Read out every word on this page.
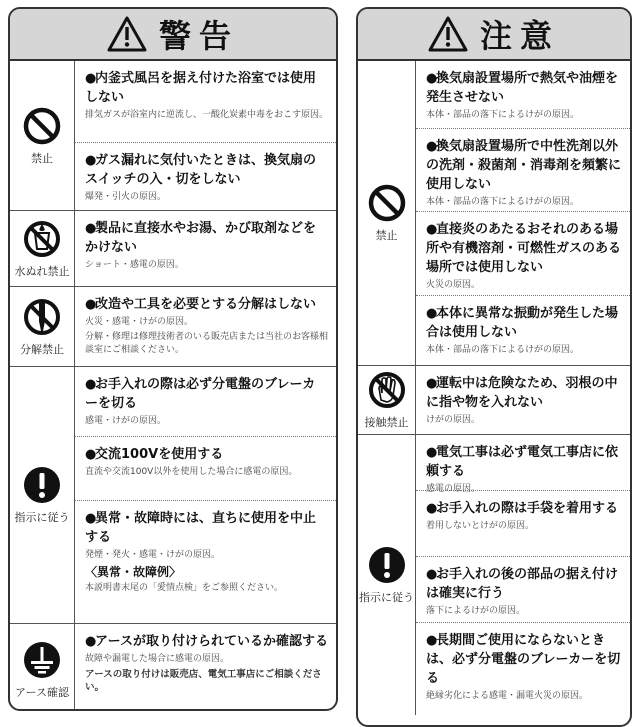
警告
禁止
●内釜式風呂を据え付けた浴室では使用しない
排気ガスが浴室内に逆流し、一酸化炭素中毒をおこす原因。
●ガス漏れに気付いたときは、換気扇のスイッチの入・切をしない
爆発・引火の原因。
水ぬれ禁止
●製品に直接水やお湯、かび取剤などをかけない
ショート・感電の原因。
分解禁止
●改造や工具を必要とする分解はしない
火災・感電・けがの原因。
分解・修理は修理技術者のいる販売店または当社のお客様相談室にご相談ください。
指示に従う
●お手入れの際は必ず分電盤のブレーカーを切る
感電・けがの原因。
●交流100Vを使用する
直流や交流100V以外を使用した場合に感電の原因。
●異常・故障時には、直ちに使用を中止する
発煙・発火・感電・けがの原因。
〈異常・故障例〉
本説明書末尾の「愛情点検」をご参照ください。
アース確認
●アースが取り付けられているか確認する
故障や漏電した場合に感電の原因。
アースの取り付けは販売店、電気工事店にご相談ください。
注意
禁止
●換気扇設置場所で熱気や油煙を発生させない
本体・部品の落下によるけがの原因。
●換気扇設置場所で中性洗剤以外の洗剤・殺菌剤・消毒剤を頻繁に使用しない
本体・部品の落下によるけがの原因。
●直接炎のあたるおそれのある場所や有機溶剤・可燃性ガスのある場所では使用しない
火災の原因。
●本体に異常な振動が発生した場合は使用しない
本体・部品の落下によるけがの原因。
接触禁止
●運転中は危険なため、羽根の中に指や物を入れない
けがの原因。
指示に従う
●電気工事は必ず電気工事店に依頼する
感電の原因。
●お手入れの際は手袋を着用する
着用しないとけがの原因。
●お手入れの後の部品の据え付けは確実に行う
落下によるけがの原因。
●長期間ご使用にならないときは、必ず分電盤のブレーカーを切る
絶縁劣化による感電・漏電火災の原因。
